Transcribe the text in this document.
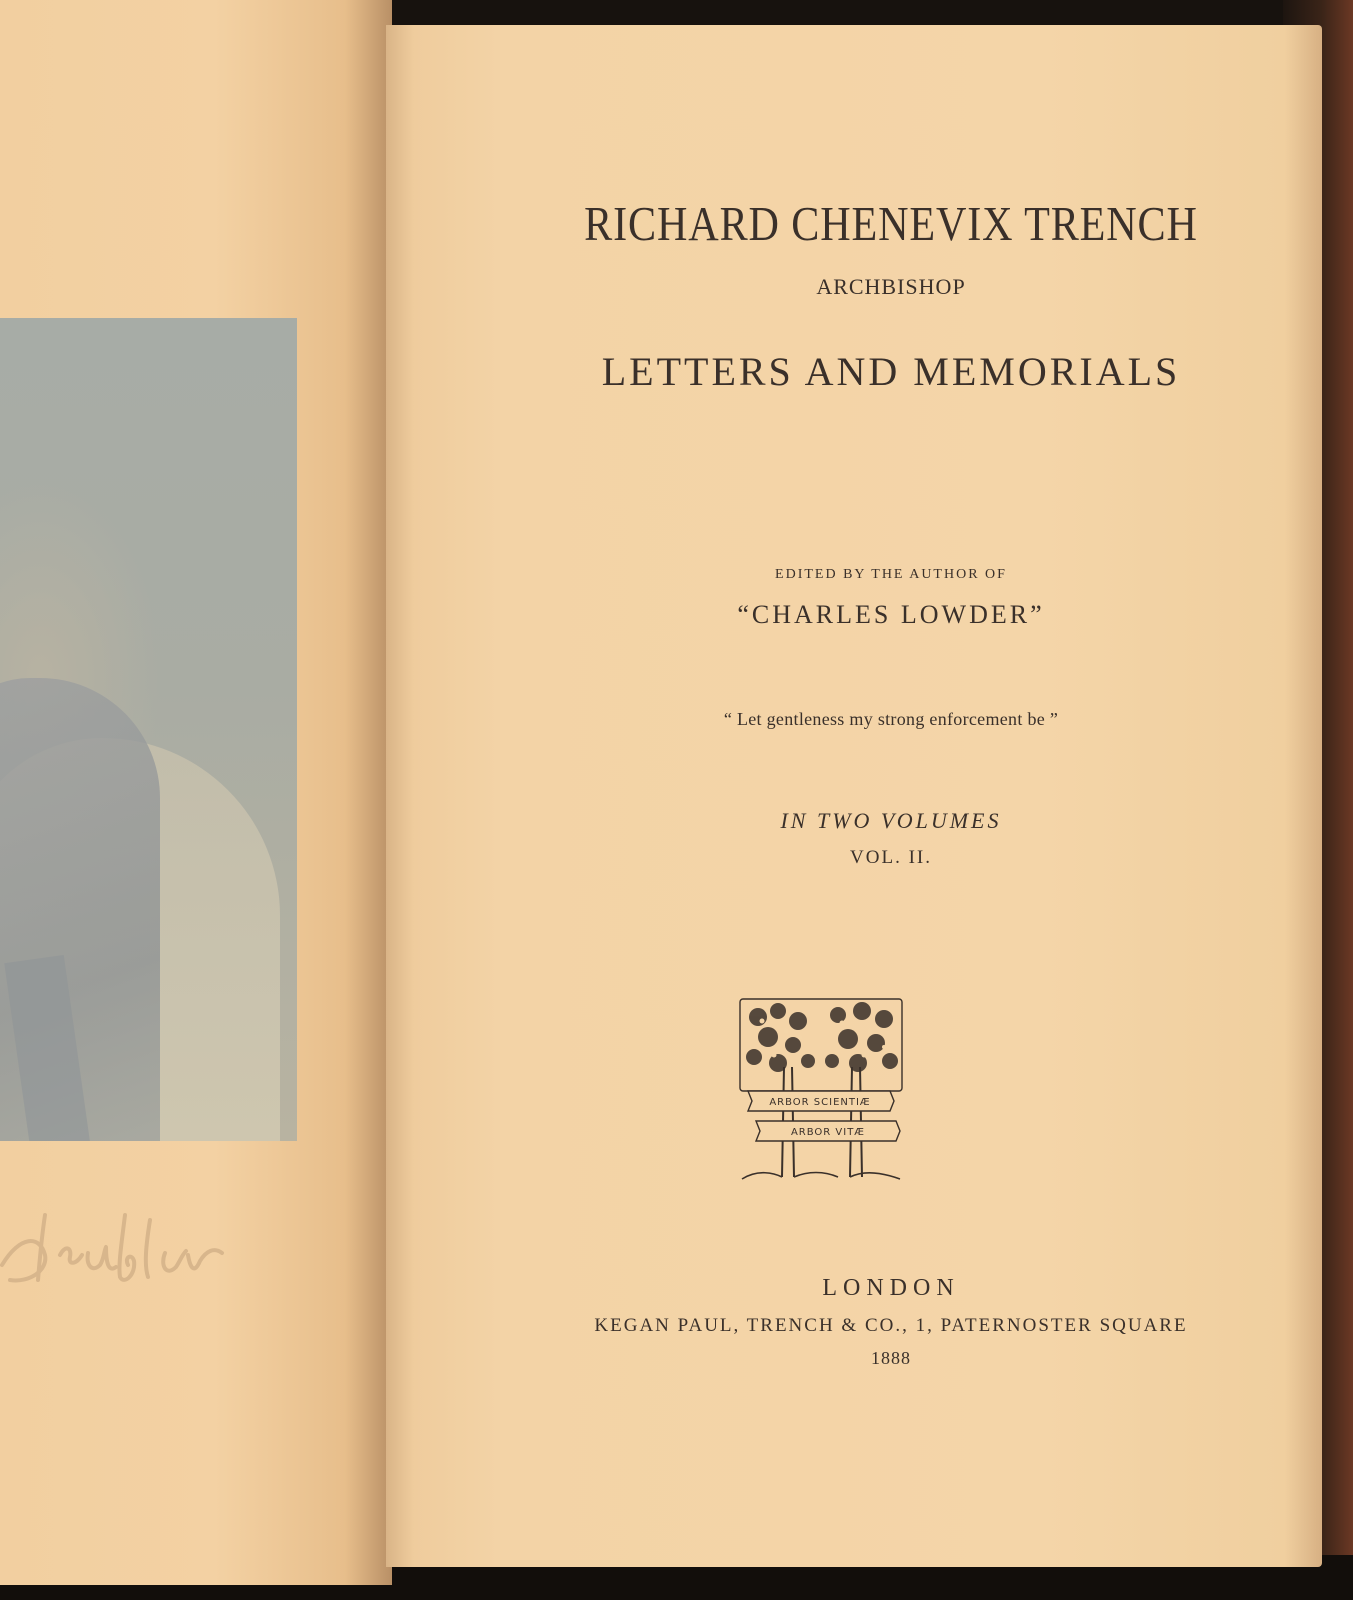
RICHARD CHENEVIX TRENCH

ARCHBISHOP

LETTERS AND MEMORIALS

EDITED BY THE AUTHOR OF

“CHARLES LOWDER”

“ Let gentleness my strong enforcement be ”

IN TWO VOLUMES

VOL. II.

ARBOR SCIENTIÆ
ARBOR VITÆ

LONDON

KEGAN PAUL, TRENCH & CO., 1, PATERNOSTER SQUARE

1888
